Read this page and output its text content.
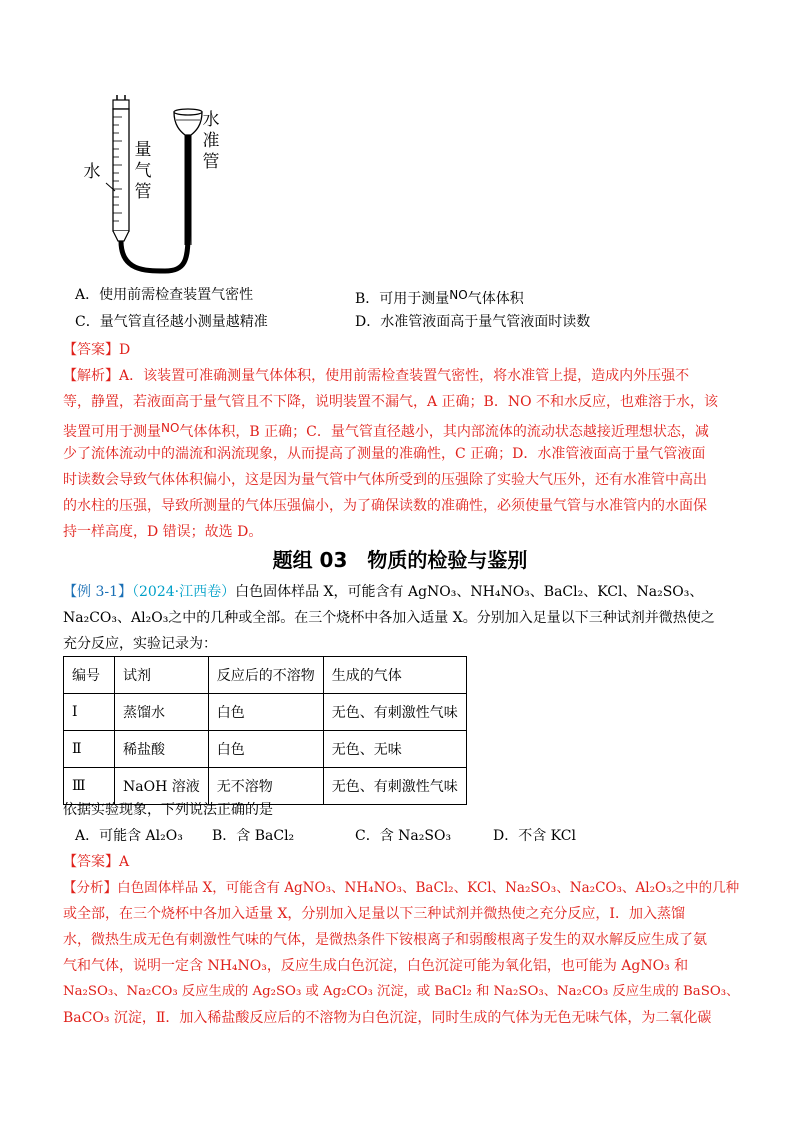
水
量气管
水准管
A．使用前需检查装置气密性	B．可用于测量NO气体体积
C．量气管直径越小测量越精准	D．水准管液面高于量气管液面时读数
【答案】D
【解析】A．该装置可准确测量气体体积，使用前需检查装置气密性，将水准管上提，造成内外压强不
等，静置，若液面高于量气管且不下降，说明装置不漏气，A 正确；B．NO 不和水反应，也难溶于水，该
装置可用于测量NO气体体积，B 正确；C．量气管直径越小，其内部流体的流动状态越接近理想状态，减
少了流体流动中的湍流和涡流现象，从而提高了测量的准确性，C 正确；D．水准管液面高于量气管液面
时读数会导致气体体积偏小，这是因为量气管中气体所受到的压强除了实验大气压外，还有水准管中高出
的水柱的压强，导致所测量的气体压强偏小，为了确保读数的准确性，必须使量气管与水准管内的水面保
持一样高度，D 错误；故选 D。
题组 03　物质的检验与鉴别
【例 3-1】（2024·江西卷）白色固体样品 X，可能含有 AgNO₃、NH₄NO₃、BaCl₂、KCl、Na₂SO₃、
Na₂CO₃、Al₂O₃之中的几种或全部。在三个烧杯中各加入适量 X。分别加入足量以下三种试剂并微热使之
充分反应，实验记录为：
编号	试剂	反应后的不溶物	生成的气体
Ⅰ	蒸馏水	白色	无色、有刺激性气味
Ⅱ	稀盐酸	白色	无色、无味
Ⅲ	NaOH 溶液	无不溶物	无色、有刺激性气味
依据实验现象，下列说法正确的是
A．可能含 Al₂O₃ B．含 BaCl₂	C．含 Na₂SO₃	D．不含 KCl
【答案】A
【分析】白色固体样品 X，可能含有 AgNO₃、NH₄NO₃、BaCl₂、KCl、Na₂SO₃、Na₂CO₃、Al₂O₃之中的几种
或全部，在三个烧杯中各加入适量 X，分别加入足量以下三种试剂并微热使之充分反应，Ⅰ．加入蒸馏
水，微热生成无色有刺激性气味的气体，是微热条件下铵根离子和弱酸根离子发生的双水解反应生成了氨
气和气体，说明一定含 NH₄NO₃，反应生成白色沉淀，白色沉淀可能为氧化铝，也可能为 AgNO₃ 和
Na₂SO₃、Na₂CO₃ 反应生成的 Ag₂SO₃ 或 Ag₂CO₃ 沉淀，或 BaCl₂ 和 Na₂SO₃、Na₂CO₃ 反应生成的 BaSO₃、
BaCO₃ 沉淀，Ⅱ．加入稀盐酸反应后的不溶物为白色沉淀，同时生成的气体为无色无味气体，为二氧化碳
